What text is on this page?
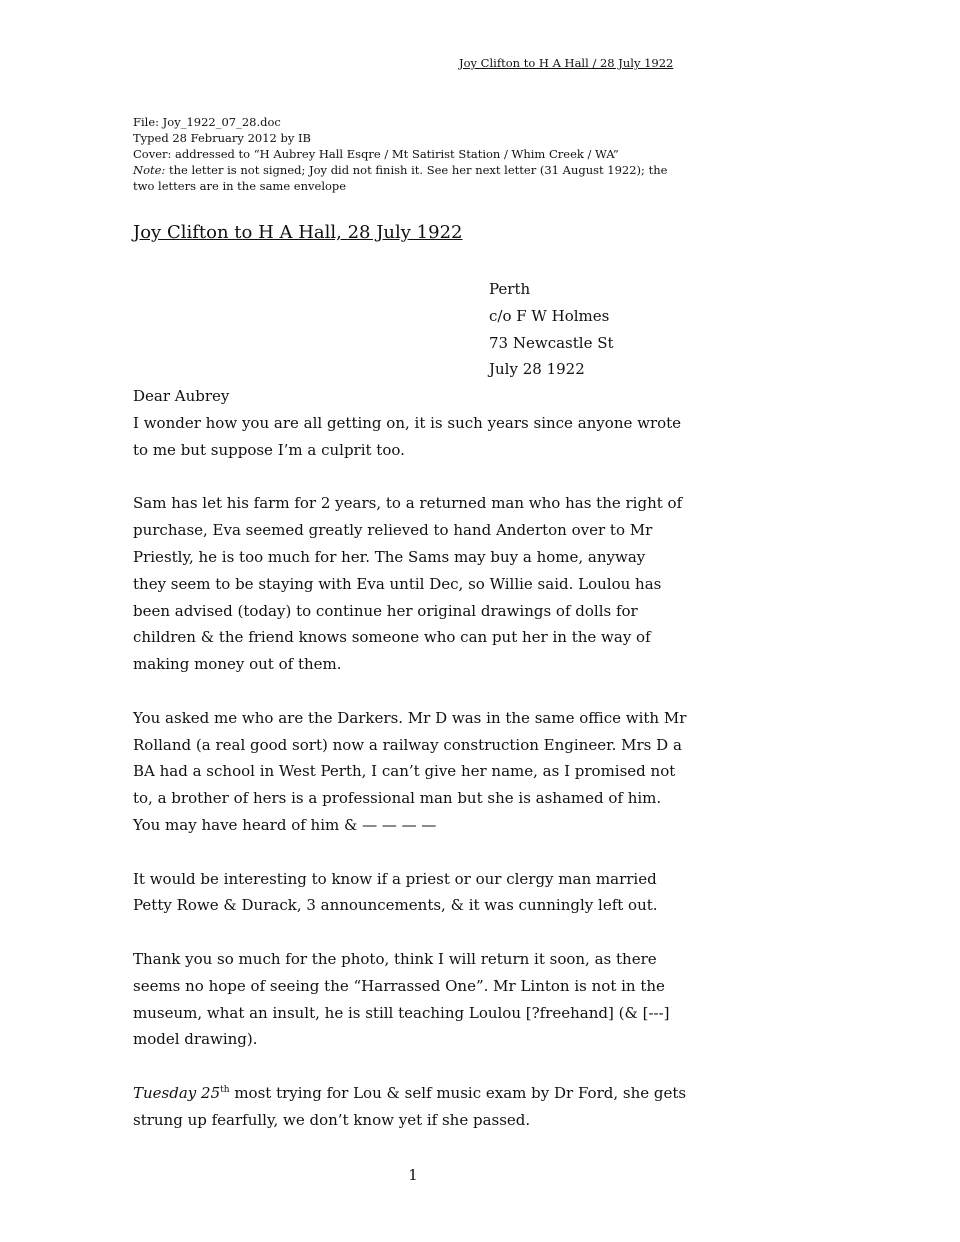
Joy Clifton to H A Hall / 28 July 1922
File: Joy_1922_07_28.doc
Typed 28 February 2012 by IB
Cover: addressed to “H Aubrey Hall Esqre / Mt Satirist Station / Whim Creek / WA”
Note: the letter is not signed; Joy did not finish it. See her next letter (31 August 1922); the
two letters are in the same envelope
Joy Clifton to H A Hall, 28 July 1922
Perth
c/o F W Holmes
73 Newcastle St
July 28 1922
Dear Aubrey

I wonder how you are all getting on, it is such years since anyone wrote
to me but suppose I’m a culprit too.

Sam has let his farm for 2 years, to a returned man who has the right of
purchase, Eva seemed greatly relieved to hand Anderton over to Mr
Priestly, he is too much for her. The Sams may buy a home, anyway
they seem to be staying with Eva until Dec, so Willie said. Loulou has
been advised (today) to continue her original drawings of dolls for
children & the friend knows someone who can put her in the way of
making money out of them.

You asked me who are the Darkers. Mr D was in the same office with Mr
Rolland (a real good sort) now a railway construction Engineer. Mrs D a
BA had a school in West Perth, I can’t give her name, as I promised not
to, a brother of hers is a professional man but she is ashamed of him.
You may have heard of him & — — — —

It would be interesting to know if a priest or our clergy man married
Petty Rowe & Durack, 3 announcements, & it was cunningly left out.

Thank you so much for the photo, think I will return it soon, as there
seems no hope of seeing the “Harrassed One”. Mr Linton is not in the
museum, what an insult, he is still teaching Loulou [?freehand] (& [---]
model drawing).

Tuesday 25th most trying for Lou & self music exam by Dr Ford, she gets
strung up fearfully, we don’t know yet if she passed.

1
